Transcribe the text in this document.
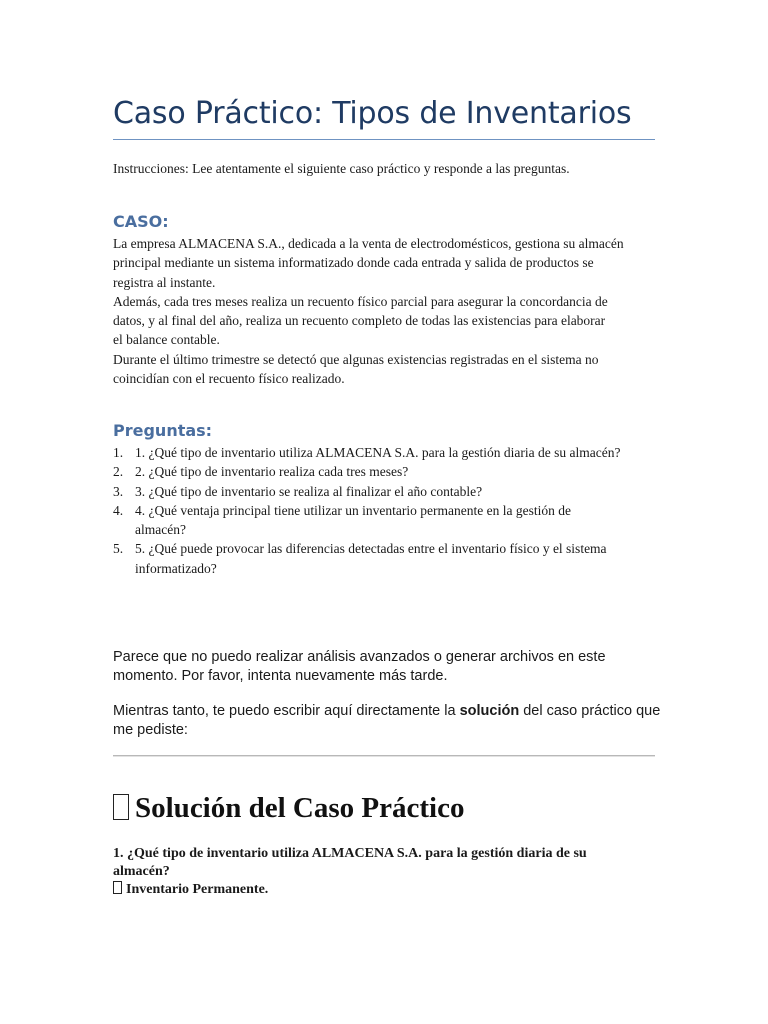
Caso Práctico: Tipos de Inventarios

Instrucciones: Lee atentamente el siguiente caso práctico y responde a las preguntas.

CASO:
La empresa ALMACENA S.A., dedicada a la venta de electrodomésticos, gestiona su almacén
principal mediante un sistema informatizado donde cada entrada y salida de productos se
registra al instante.
Además, cada tres meses realiza un recuento físico parcial para asegurar la concordancia de
datos, y al final del año, realiza un recuento completo de todas las existencias para elaborar
el balance contable.
Durante el último trimestre se detectó que algunas existencias registradas en el sistema no
coincidían con el recuento físico realizado.
Preguntas:
1. 1. ¿Qué tipo de inventario utiliza ALMACENA S.A. para la gestión diaria de su almacén?
2. 2. ¿Qué tipo de inventario realiza cada tres meses?
3. 3. ¿Qué tipo de inventario se realiza al finalizar el año contable?
4. 4. ¿Qué ventaja principal tiene utilizar un inventario permanente en la gestión de
almacén?
5. 5. ¿Qué puede provocar las diferencias detectadas entre el inventario físico y el sistema
informatizado?

Parece que no puedo realizar análisis avanzados o generar archivos en este momento. Por favor, intenta nuevamente más tarde.

Mientras tanto, te puedo escribir aquí directamente la solución del caso práctico que me pediste:

Solución del Caso Práctico

1. ¿Qué tipo de inventario utiliza ALMACENA S.A. para la gestión diaria de su
almacén?

Inventario Permanente.
